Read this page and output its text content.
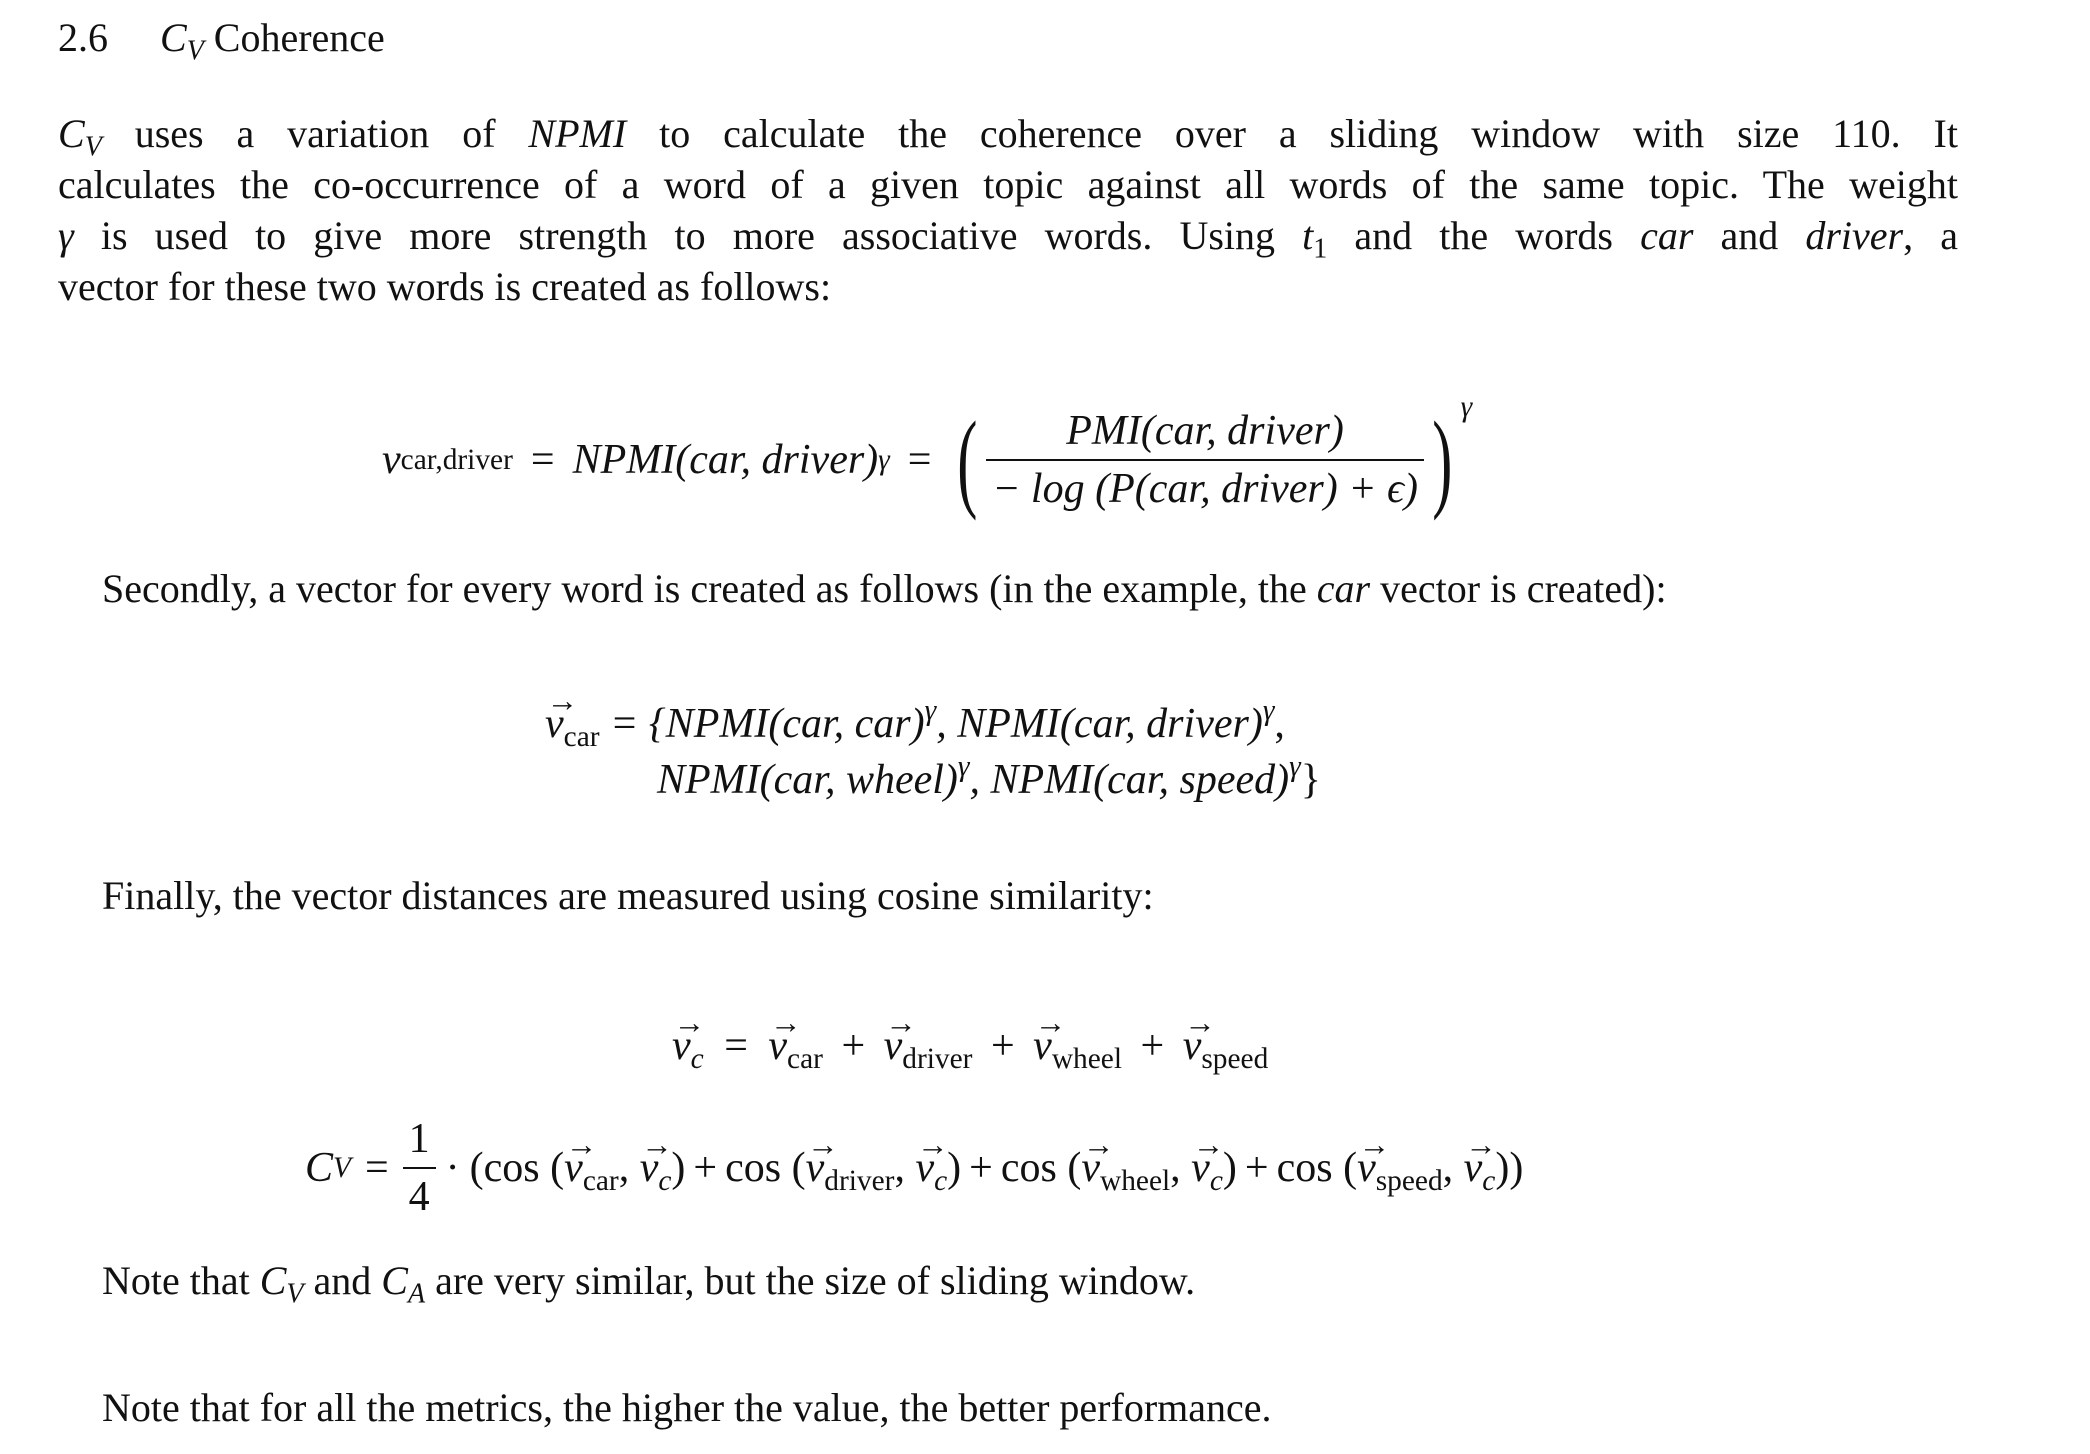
2.6 $C_V$ Coherence
$C_V$ uses a variation of NPMI to calculate the coherence over a sliding window with size 110. It
calculates the co-occurrence of a word of a given topic against all words of the same topic. The weight
γ is used to give more strength to more associative words. Using $t_1$ and the words car and driver, a
vector for these two words is created as follows:
v car,driver = NPMI(car, driver) γ = ( $\frac{\text{PMI(car, driver)}}{\text{− log (P(car, driver) + ϵ)}}$ ) γ
Secondly, a vector for every word is created as follows (in the example, the car vector is created):
→ $v_{car}$ = {NPMI(car, car)$^\gamma$, NPMI(car, driver)$^\gamma$,
NPMI(car, wheel)$^\gamma$, NPMI(car, speed)$^\gamma$}
Finally, the vector distances are measured using cosine similarity:
→ $v_c$ = → $v_{car}$ + → $v_{driver}$ + → $v_{wheel}$ + → $v_{speed}$
C $V = \frac{1}{4}$ · ( cos (→ $v_{car}$, → $v_c) + \cos$ (→ $v_{driver}$, → $v_c) + \cos$ (→ $v_{wheel}$, → $v_c) + \cos$ (→ $v_{speed}$, → $v_c$))
Note that $C_V$ and $C_A$ are very similar, but the size of sliding window.
Note that for all the metrics, the higher the value, the better performance.
